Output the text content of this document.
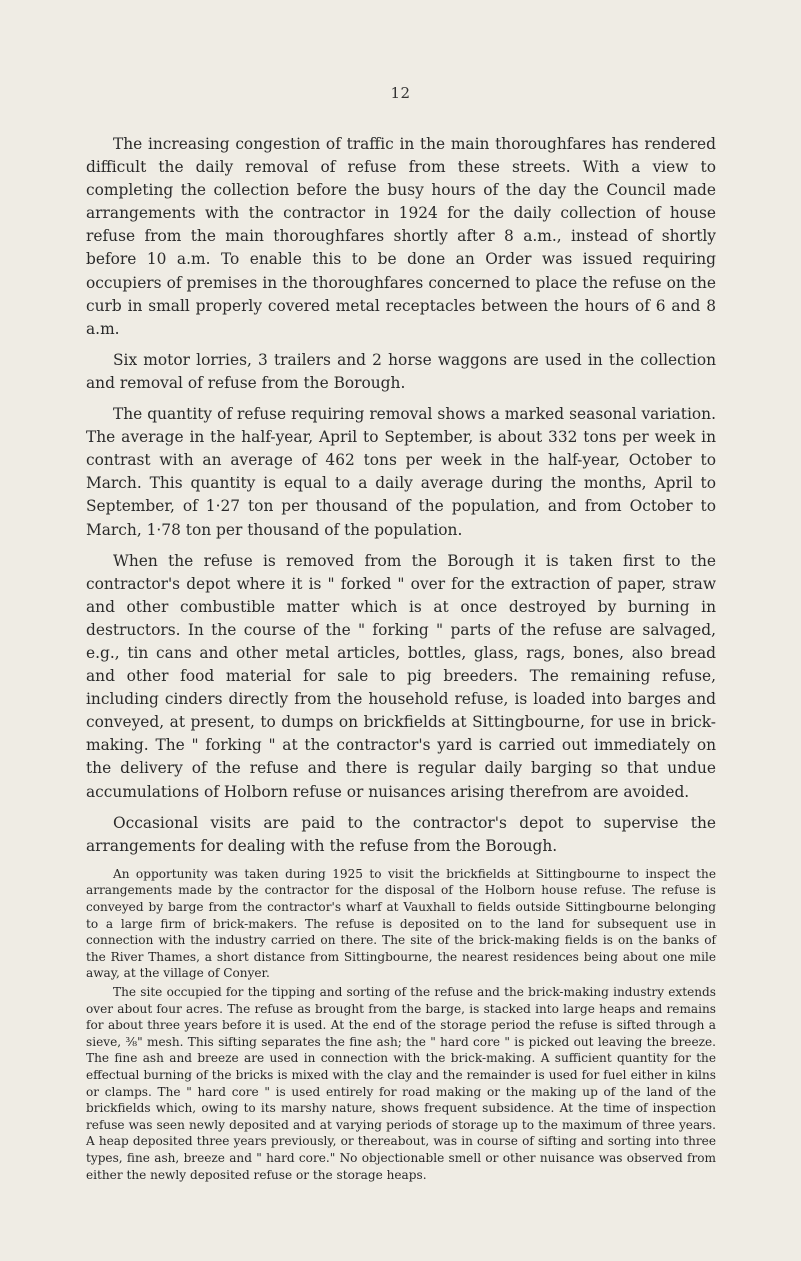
12

The increasing congestion of traffic in the main thoroughfares has rendered difficult the daily removal of refuse from these streets. With a view to completing the collection before the busy hours of the day the Council made arrangements with the contractor in 1924 for the daily collection of house refuse from the main thoroughfares shortly after 8 a.m., instead of shortly before 10 a.m. To enable this to be done an Order was issued requiring occupiers of premises in the thoroughfares concerned to place the refuse on the curb in small properly covered metal receptacles between the hours of 6 and 8 a.m.

Six motor lorries, 3 trailers and 2 horse waggons are used in the collection and removal of refuse from the Borough.

The quantity of refuse requiring removal shows a marked seasonal variation. The average in the half-year, April to September, is about 332 tons per week in contrast with an average of 462 tons per week in the half-year, October to March. This quantity is equal to a daily average during the months, April to September, of 1·27 ton per thousand of the population, and from October to March, 1·78 ton per thousand of the population.

When the refuse is removed from the Borough it is taken first to the contractor's depot where it is " forked " over for the extraction of paper, straw and other combustible matter which is at once destroyed by burning in destructors. In the course of the " forking " parts of the refuse are salvaged, e.g., tin cans and other metal articles, bottles, glass, rags, bones, also bread and other food material for sale to pig breeders. The remaining refuse, including cinders directly from the household refuse, is loaded into barges and conveyed, at present, to dumps on brickfields at Sittingbourne, for use in brick-making. The " forking " at the contractor's yard is carried out immediately on the delivery of the refuse and there is regular daily barging so that undue accumulations of Holborn refuse or nuisances arising therefrom are avoided.

Occasional visits are paid to the contractor's depot to supervise the arrangements for dealing with the refuse from the Borough.

An opportunity was taken during 1925 to visit the brickfields at Sittingbourne to inspect the arrangements made by the contractor for the disposal of the Holborn house refuse. The refuse is conveyed by barge from the contractor's wharf at Vauxhall to fields outside Sittingbourne belonging to a large firm of brick-makers. The refuse is deposited on to the land for subsequent use in connection with the industry carried on there. The site of the brick-making fields is on the banks of the River Thames, a short distance from Sittingbourne, the nearest residences being about one mile away, at the village of Conyer.

The site occupied for the tipping and sorting of the refuse and the brick-making industry extends over about four acres. The refuse as brought from the barge, is stacked into large heaps and remains for about three years before it is used. At the end of the storage period the refuse is sifted through a sieve, ⅜" mesh. This sifting separates the fine ash; the " hard core " is picked out leaving the breeze. The fine ash and breeze are used in connection with the brick-making. A sufficient quantity for the effectual burning of the bricks is mixed with the clay and the remainder is used for fuel either in kilns or clamps. The " hard core " is used entirely for road making or the making up of the land of the brickfields which, owing to its marshy nature, shows frequent subsidence. At the time of inspection refuse was seen newly deposited and at varying periods of storage up to the maximum of three years. A heap deposited three years previously, or thereabout, was in course of sifting and sorting into three types, fine ash, breeze and " hard core." No objectionable smell or other nuisance was observed from either the newly deposited refuse or the storage heaps.
